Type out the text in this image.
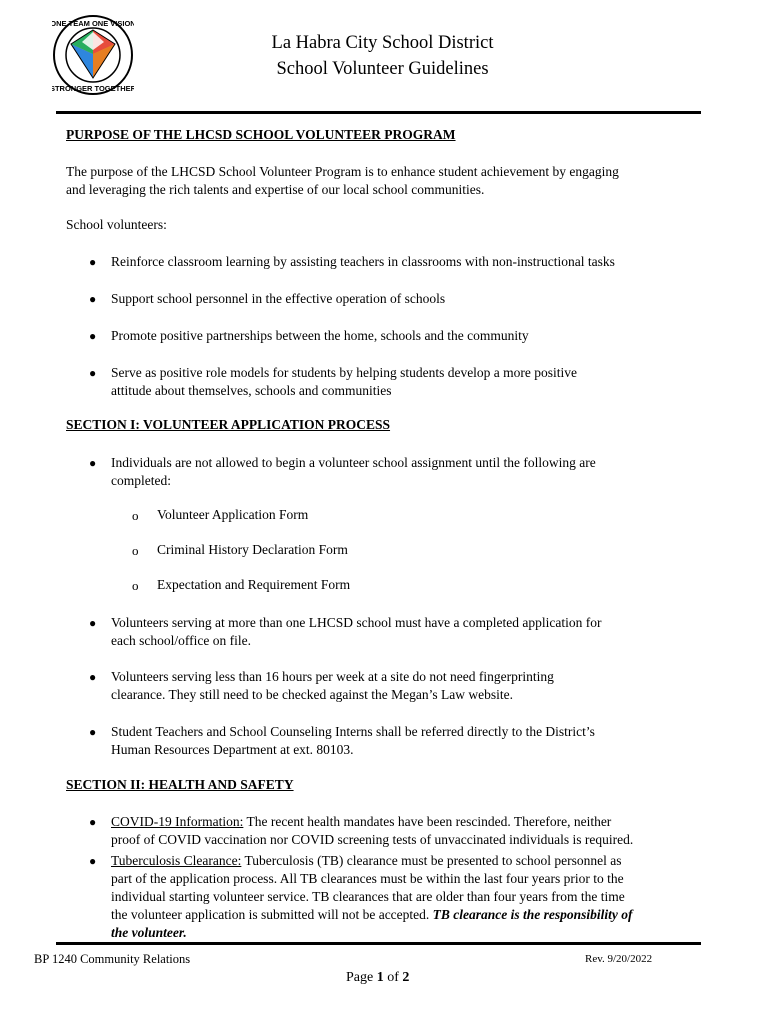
ONE TEAM ONE VISION
STRONGER TOGETHER
La Habra City School District
School Volunteer Guidelines
PURPOSE OF THE LHCSD SCHOOL VOLUNTEER PROGRAM
The purpose of the LHCSD School Volunteer Program is to enhance student achievement by engaging
and leveraging the rich talents and expertise of our local school communities.
School volunteers:
● Reinforce classroom learning by assisting teachers in classrooms with non-instructional tasks
● Support school personnel in the effective operation of schools
● Promote positive partnerships between the home, schools and the community
● Serve as positive role models for students by helping students develop a more positive
attitude about themselves, schools and communities
SECTION I: VOLUNTEER APPLICATION PROCESS
● Individuals are not allowed to begin a volunteer school assignment until the following are
completed:
o Volunteer Application Form
o Criminal History Declaration Form
o Expectation and Requirement Form
● Volunteers serving at more than one LHCSD school must have a completed application for
each school/office on file.
● Volunteers serving less than 16 hours per week at a site do not need fingerprinting
clearance. They still need to be checked against the Megan’s Law website.
● Student Teachers and School Counseling Interns shall be referred directly to the District’s
Human Resources Department at ext. 80103.
SECTION II: HEALTH AND SAFETY
● COVID-19 Information: The recent health mandates have been rescinded. Therefore, neither
proof of COVID vaccination nor COVID screening tests of unvaccinated individuals is required.
● Tuberculosis Clearance: Tuberculosis (TB) clearance must be presented to school personnel as
part of the application process. All TB clearances must be within the last four years prior to the
individual starting volunteer service. TB clearances that are older than four years from the time
the volunteer application is submitted will not be accepted. TB clearance is the responsibility of
the volunteer.
BP 1240 Community Relations	Rev. 9/20/2022
Page 1 of 2
